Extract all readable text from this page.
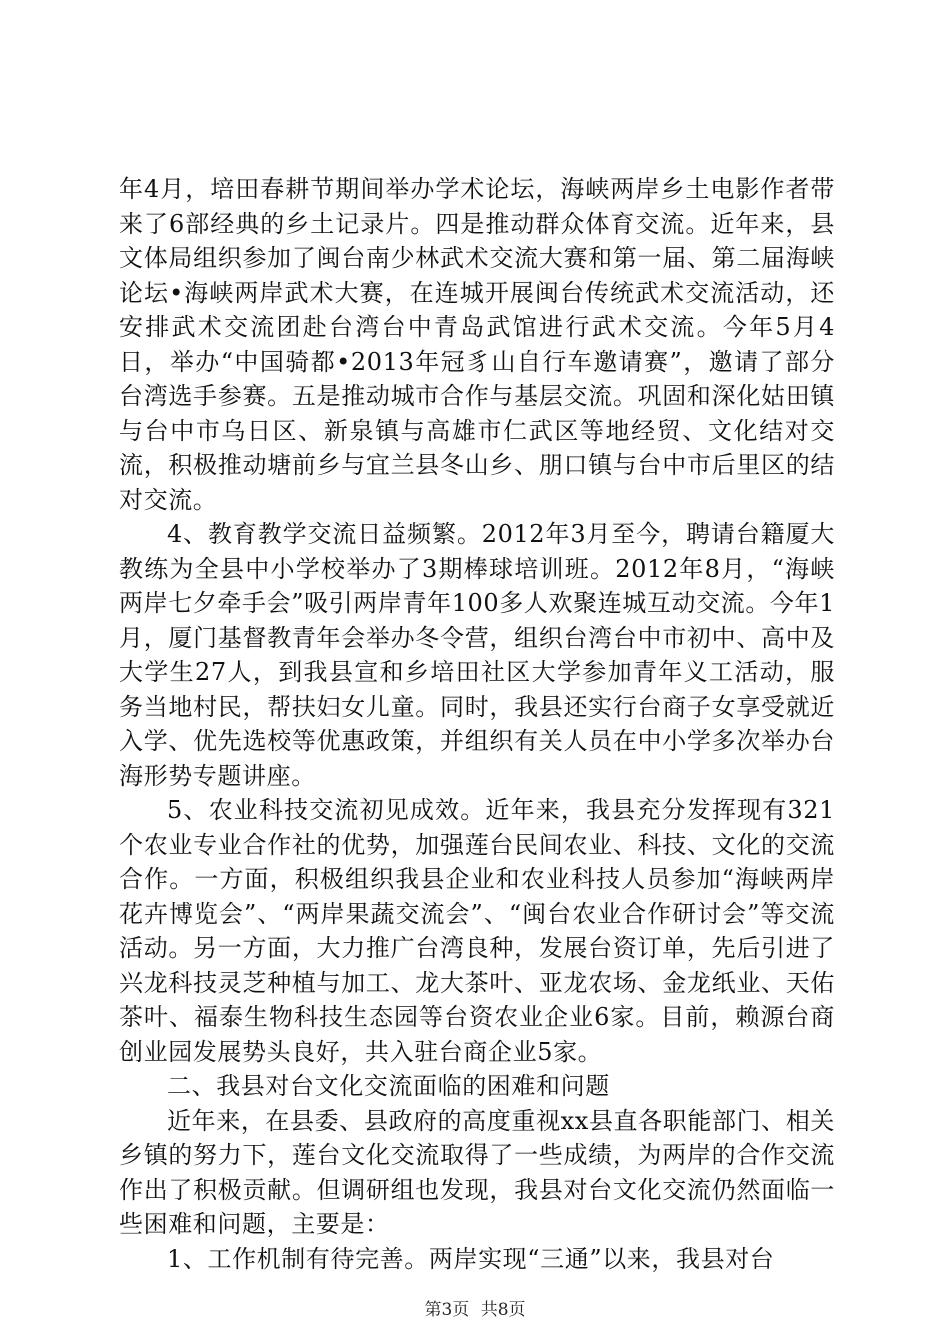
年4月，培田春耕节期间举办学术论坛，海峡两岸乡土电影作者带来了6部经典的乡土记录片。四是推动群众体育交流。近年来，县文体局组织参加了闽台南少林武术交流大赛和第一届、第二届海峡论坛•海峡两岸武术大赛，在连城开展闽台传统武术交流活动，还安排武术交流团赴台湾台中青岛武馆进行武术交流。今年5月4日，举办“中国骑都•2013年冠豸山自行车邀请赛”，邀请了部分台湾选手参赛。五是推动城市合作与基层交流。巩固和深化姑田镇与台中市乌日区、新泉镇与高雄市仁武区等地经贸、文化结对交流，积极推动塘前乡与宜兰县冬山乡、朋口镇与台中市后里区的结对交流。

4、教育教学交流日益频繁。2012年3月至今，聘请台籍厦大教练为全县中小学校举办了3期棒球培训班。2012年8月，“海峡两岸七夕牵手会”吸引两岸青年100多人欢聚连城互动交流。今年1月，厦门基督教青年会举办冬令营，组织台湾台中市初中、高中及大学生27人，到我县宣和乡培田社区大学参加青年义工活动，服务当地村民，帮扶妇女儿童。同时，我县还实行台商子女享受就近入学、优先选校等优惠政策，并组织有关人员在中小学多次举办台海形势专题讲座。

5、农业科技交流初见成效。近年来，我县充分发挥现有321个农业专业合作社的优势，加强莲台民间农业、科技、文化的交流合作。一方面，积极组织我县企业和农业科技人员参加“海峡两岸花卉博览会”、“两岸果蔬交流会”、“闽台农业合作研讨会”等交流活动。另一方面，大力推广台湾良种，发展台资订单，先后引进了兴龙科技灵芝种植与加工、龙大茶叶、亚龙农场、金龙纸业、天佑茶叶、福泰生物科技生态园等台资农业企业6家。目前，赖源台商创业园发展势头良好，共入驻台商企业5家。

二、我县对台文化交流面临的困难和问题

近年来，在县委、县政府的高度重视xx县直各职能部门、相关乡镇的努力下，莲台文化交流取得了一些成绩，为两岸的合作交流作出了积极贡献。但调研组也发现，我县对台文化交流仍然面临一些困难和问题，主要是：

1、工作机制有待完善。两岸实现“三通”以来，我县对台

第3页 共8页
